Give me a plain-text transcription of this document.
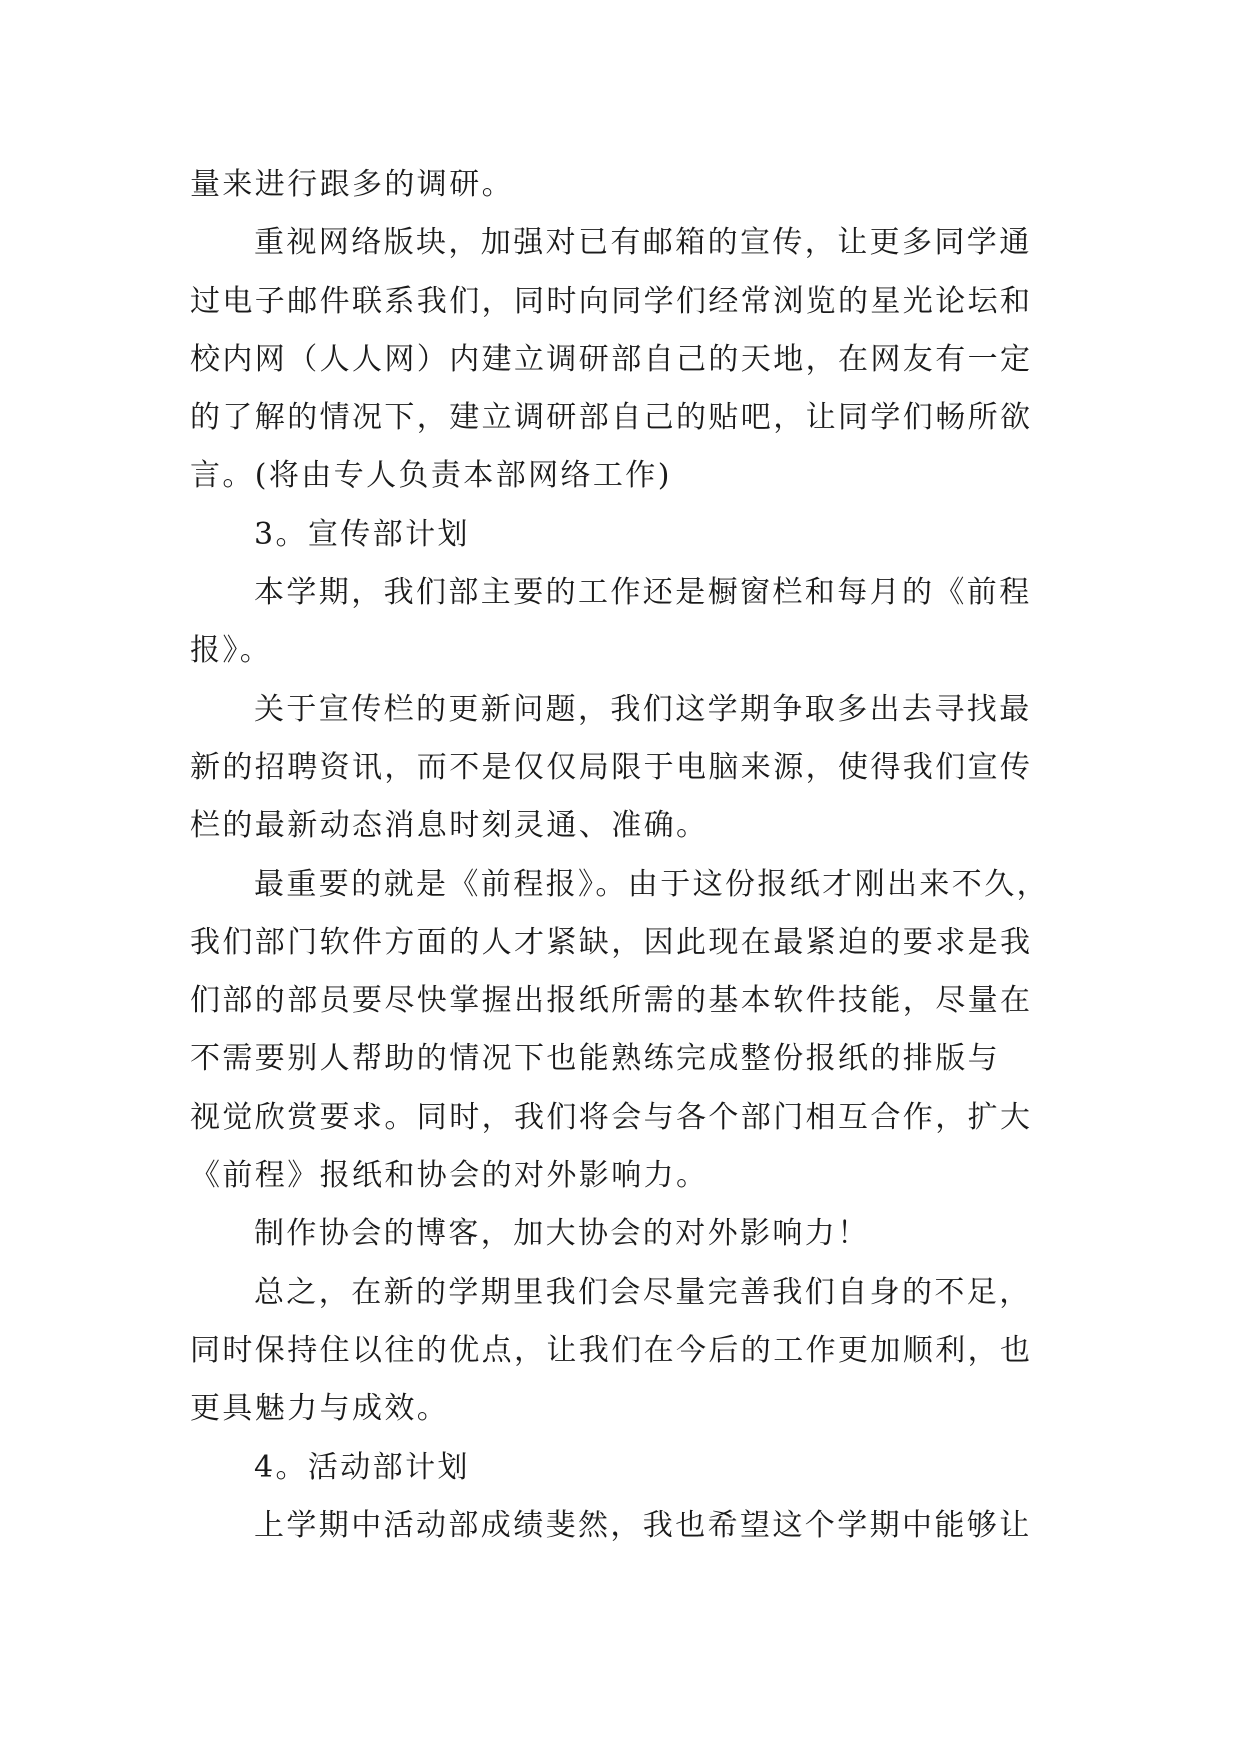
量来进行跟多的调研。
重视网络版块，加强对已有邮箱的宣传，让更多同学通
过电子邮件联系我们，同时向同学们经常浏览的星光论坛和
校内网（人人网）内建立调研部自己的天地，在网友有一定
的了解的情况下，建立调研部自己的贴吧，让同学们畅所欲
言。(将由专人负责本部网络工作)
3。宣传部计划
本学期，我们部主要的工作还是橱窗栏和每月的《前程
报》。
关于宣传栏的更新问题，我们这学期争取多出去寻找最
新的招聘资讯，而不是仅仅局限于电脑来源，使得我们宣传
栏的最新动态消息时刻灵通、准确。
最重要的就是《前程报》。由于这份报纸才刚出来不久，
我们部门软件方面的人才紧缺，因此现在最紧迫的要求是我
们部的部员要尽快掌握出报纸所需的基本软件技能，尽量在
不需要别人帮助的情况下也能熟练完成整份报纸的排版与
视觉欣赏要求。同时，我们将会与各个部门相互合作，扩大
《前程》报纸和协会的对外影响力。
制作协会的博客，加大协会的对外影响力！
总之，在新的学期里我们会尽量完善我们自身的不足，
同时保持住以往的优点，让我们在今后的工作更加顺利，也
更具魅力与成效。
4。活动部计划
上学期中活动部成绩斐然，我也希望这个学期中能够让
